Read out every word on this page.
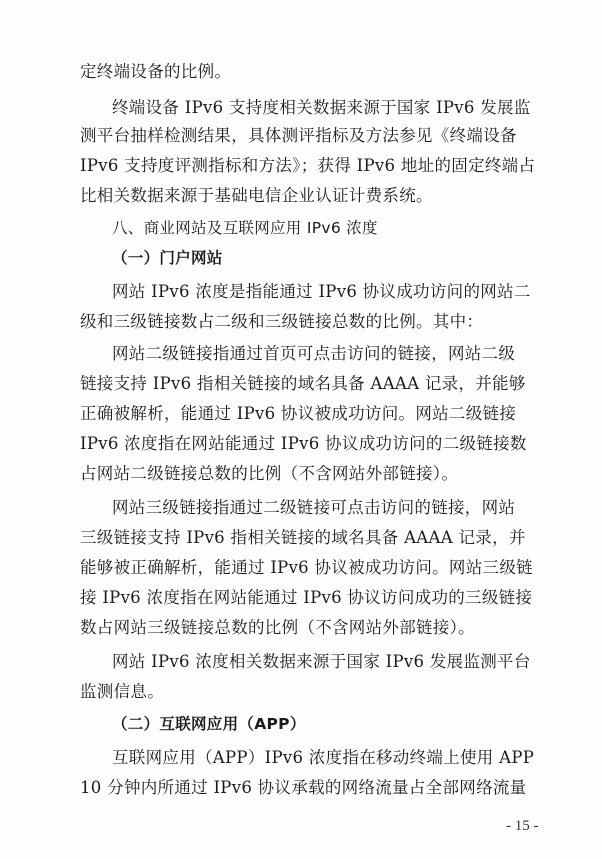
定终端设备的比例。
终端设备 IPv6 支持度相关数据来源于国家 IPv6 发展监
测平台抽样检测结果，具体测评指标及方法参见《终端设备
IPv6 支持度评测指标和方法》；获得 IPv6 地址的固定终端占
比相关数据来源于基础电信企业认证计费系统。
八、商业网站及互联网应用 IPv6 浓度
（一）门户网站
网站 IPv6 浓度是指能通过 IPv6 协议成功访问的网站二
级和三级链接数占二级和三级链接总数的比例。其中：
网站二级链接指通过首页可点击访问的链接，网站二级
链接支持 IPv6 指相关链接的域名具备 AAAA 记录，并能够
正确被解析，能通过 IPv6 协议被成功访问。网站二级链接
IPv6 浓度指在网站能通过 IPv6 协议成功访问的二级链接数
占网站二级链接总数的比例（不含网站外部链接）。
网站三级链接指通过二级链接可点击访问的链接，网站
三级链接支持 IPv6 指相关链接的域名具备 AAAA 记录，并
能够被正确解析，能通过 IPv6 协议被成功访问。网站三级链
接 IPv6 浓度指在网站能通过 IPv6 协议访问成功的三级链接
数占网站三级链接总数的比例（不含网站外部链接）。
网站 IPv6 浓度相关数据来源于国家 IPv6 发展监测平台
监测信息。
（二）互联网应用（APP）
互联网应用（APP）IPv6 浓度指在移动终端上使用 APP
10 分钟内所通过 IPv6 协议承载的网络流量占全部网络流量
- 15 -
